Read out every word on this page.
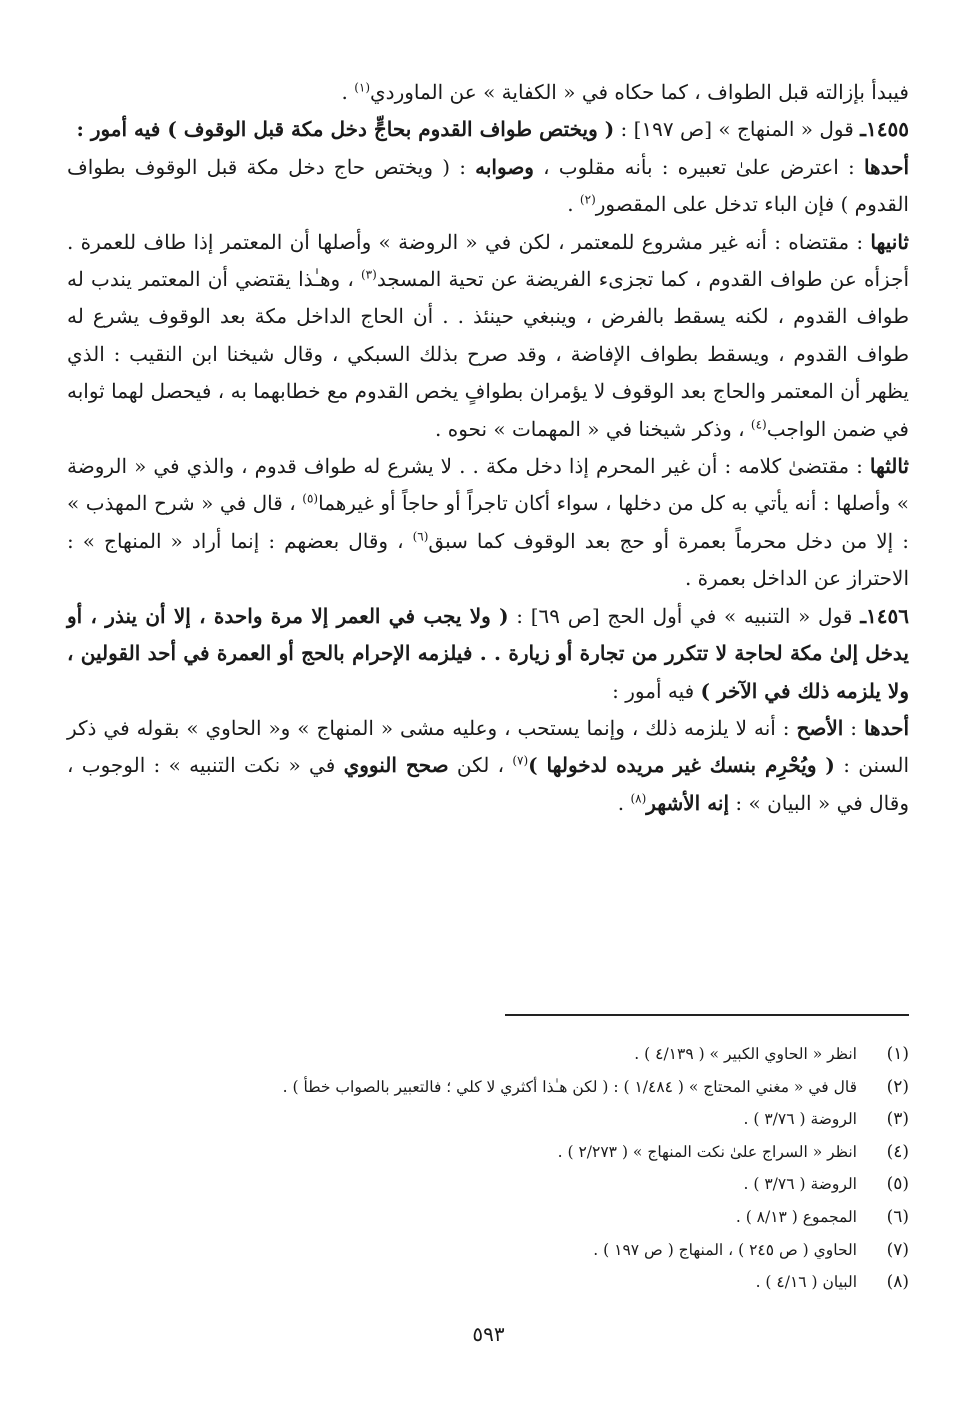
فيبدأ بإزالته قبل الطواف ، كما حكاه في « الكفاية » عن الماوردي$^{(١)}$ .

١٤٥٥ـ قول « المنهاج » [ص ١٩٧] : ( ويختص طواف القدوم بحاجٍّ دخل مكة قبل الوقوف ) فيه أمور :

أحدها : اعترض علىٰ تعبيره : بأنه مقلوب ، وصوابه : ( ويختص حاج دخل مكة قبل الوقوف بطواف القدوم ) فإن الباء تدخل على المقصور$^{(٢)}$ .

ثانيها : مقتضاه : أنه غير مشروع للمعتمر ، لكن في « الروضة » وأصلها أن المعتمر إذا طاف للعمرة . أجزأه عن طواف القدوم ، كما تجزىء الفريضة عن تحية المسجد$^{(٣)}$ ، وهـٰذا يقتضي أن المعتمر يندب له طواف القدوم ، لكنه يسقط بالفرض ، وينبغي حينئذ . . أن الحاج الداخل مكة بعد الوقوف يشرع له طواف القدوم ، ويسقط بطواف الإفاضة ، وقد صرح بذلك السبكي ، وقال شيخنا ابن النقيب : الذي يظهر أن المعتمر والحاج بعد الوقوف لا يؤمران بطوافٍ يخص القدوم مع خطابهما به ، فيحصل لهما ثوابه في ضمن الواجب$^{(٤)}$ ، وذكر شيخنا في « المهمات » نحوه .

ثالثها : مقتضىٰ كلامه : أن غير المحرم إذا دخل مكة . . لا يشرع له طواف قدوم ، والذي في « الروضة » وأصلها : أنه يأتي به كل من دخلها ، سواء أكان تاجراً أو حاجاً أو غيرهما$^{(٥)}$ ، قال في « شرح المهذب » : إلا من دخل محرماً بعمرة أو حج بعد الوقوف كما سبق$^{(٦)}$ ، وقال بعضهم : إنما أراد « المنهاج » : الاحتراز عن الداخل بعمرة .

١٤٥٦ـ قول « التنبيه » في أول الحج [ص ٦٩] : ( ولا يجب في العمر إلا مرة واحدة ، إلا أن ينذر ، أو يدخل إلىٰ مكة لحاجة لا تتكرر من تجارة أو زيارة . . فيلزمه الإحرام بالحج أو العمرة في أحد القولين ، ولا يلزمه ذلك في الآخر ) فيه أمور :

أحدها : الأصح : أنه لا يلزمه ذلك ، وإنما يستحب ، وعليه مشى « المنهاج » و« الحاوي » بقوله في ذكر السنن : ( ويُحْرِم بنسك غير مريده لدخولها )$^{(٧)}$ ، لكن صحح النووي في « نكت التنبيه » : الوجوب ، وقال في « البيان » : إنه الأشهر$^{(٨)}$ .

(١)
انظر « الحاوي الكبير » ( ٤/١٣٩ ) .
(٢)
قال في « مغني المحتاج » ( ١/٤٨٤ ) : ( لكن هـٰذا أكثري لا كلي ؛ فالتعبير بالصواب خطأ ) .
(٣)
الروضة ( ٣/٧٦ ) .
(٤)
انظر « السراج علىٰ نكت المنهاج » ( ٢/٢٧٣ ) .
(٥)
الروضة ( ٣/٧٦ ) .
(٦)
المجموع ( ٨/١٣ ) .
(٧)
الحاوي ( ص ٢٤٥ ) ، المنهاج ( ص ١٩٧ ) .
(٨)
البيان ( ٤/١٦ ) .
٥٩٣
